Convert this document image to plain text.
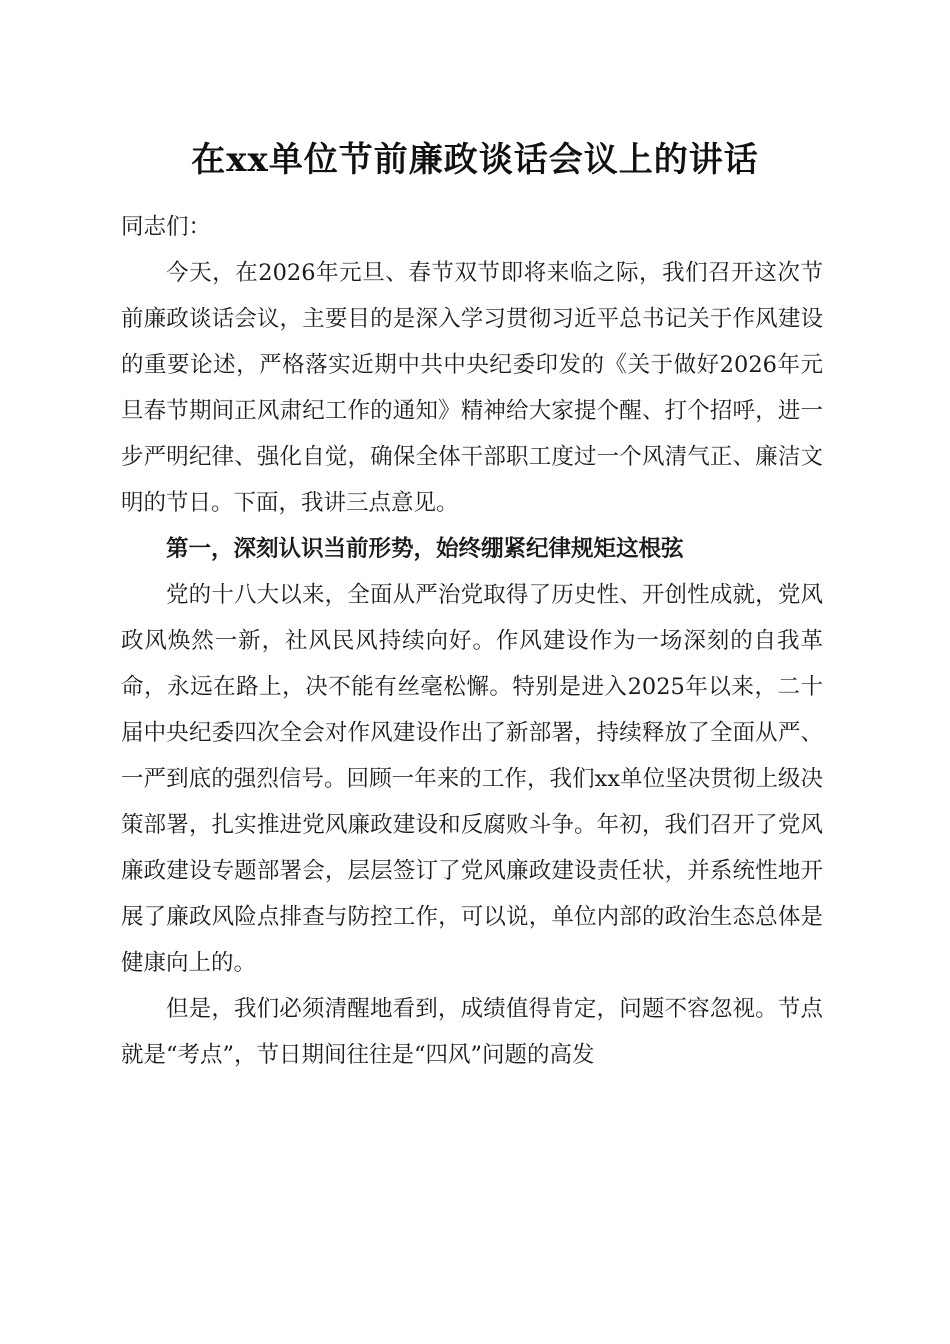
在xx单位节前廉政谈话会议上的讲话

同志们：

今天，在2026年元旦、春节双节即将来临之际，我们召开这次节前廉政谈话会议，主要目的是深入学习贯彻习近平总书记关于作风建设的重要论述，严格落实近期中共中央纪委印发的《关于做好2026年元旦春节期间正风肃纪工作的通知》精神给大家提个醒、打个招呼，进一步严明纪律、强化自觉，确保全体干部职工度过一个风清气正、廉洁文明的节日。下面，我讲三点意见。

第一，深刻认识当前形势，始终绷紧纪律规矩这根弦

党的十八大以来，全面从严治党取得了历史性、开创性成就，党风政风焕然一新，社风民风持续向好。作风建设作为一场深刻的自我革命，永远在路上，决不能有丝毫松懈。特别是进入2025年以来，二十届中央纪委四次全会对作风建设作出了新部署，持续释放了全面从严、一严到底的强烈信号。回顾一年来的工作，我们xx单位坚决贯彻上级决策部署，扎实推进党风廉政建设和反腐败斗争。年初，我们召开了党风廉政建设专题部署会，层层签订了党风廉政建设责任状，并系统性地开展了廉政风险点排查与防控工作，可以说，单位内部的政治生态总体是健康向上的。

但是，我们必须清醒地看到，成绩值得肯定，问题不容忽视。节点就是“考点”，节日期间往往是“四风”问题的高发
